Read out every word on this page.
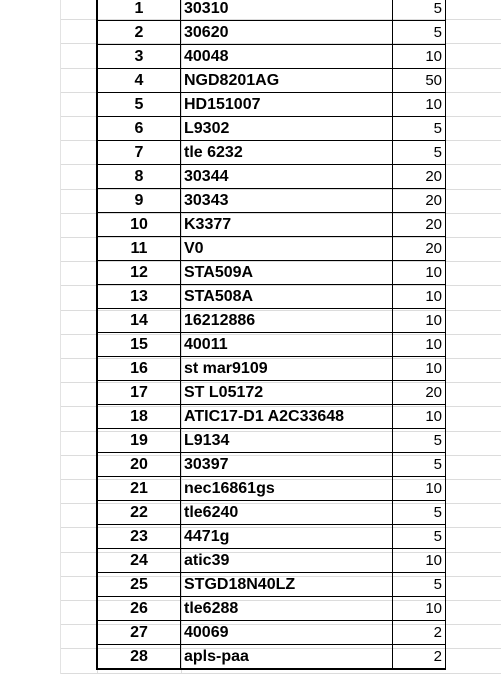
1	30310	5
2	30620	5
3	40048	10
4	NGD8201AG	50
5	HD151007	10
6	L9302	5
7	tle 6232	5
8	30344	20
9	30343	20
10	K3377	20
11	V0	20
12	STA509A	10
13	STA508A	10
14	16212886	10
15	40011	10
16	st mar9109	10
17	ST L05172	20
18	ATIC17-D1 A2C33648	10
19	L9134	5
20	30397	5
21	nec16861gs	10
22	tle6240	5
23	4471g	5
24	atic39	10
25	STGD18N40LZ	5
26	tle6288	10
27	40069	2
28	apls-paa	2
